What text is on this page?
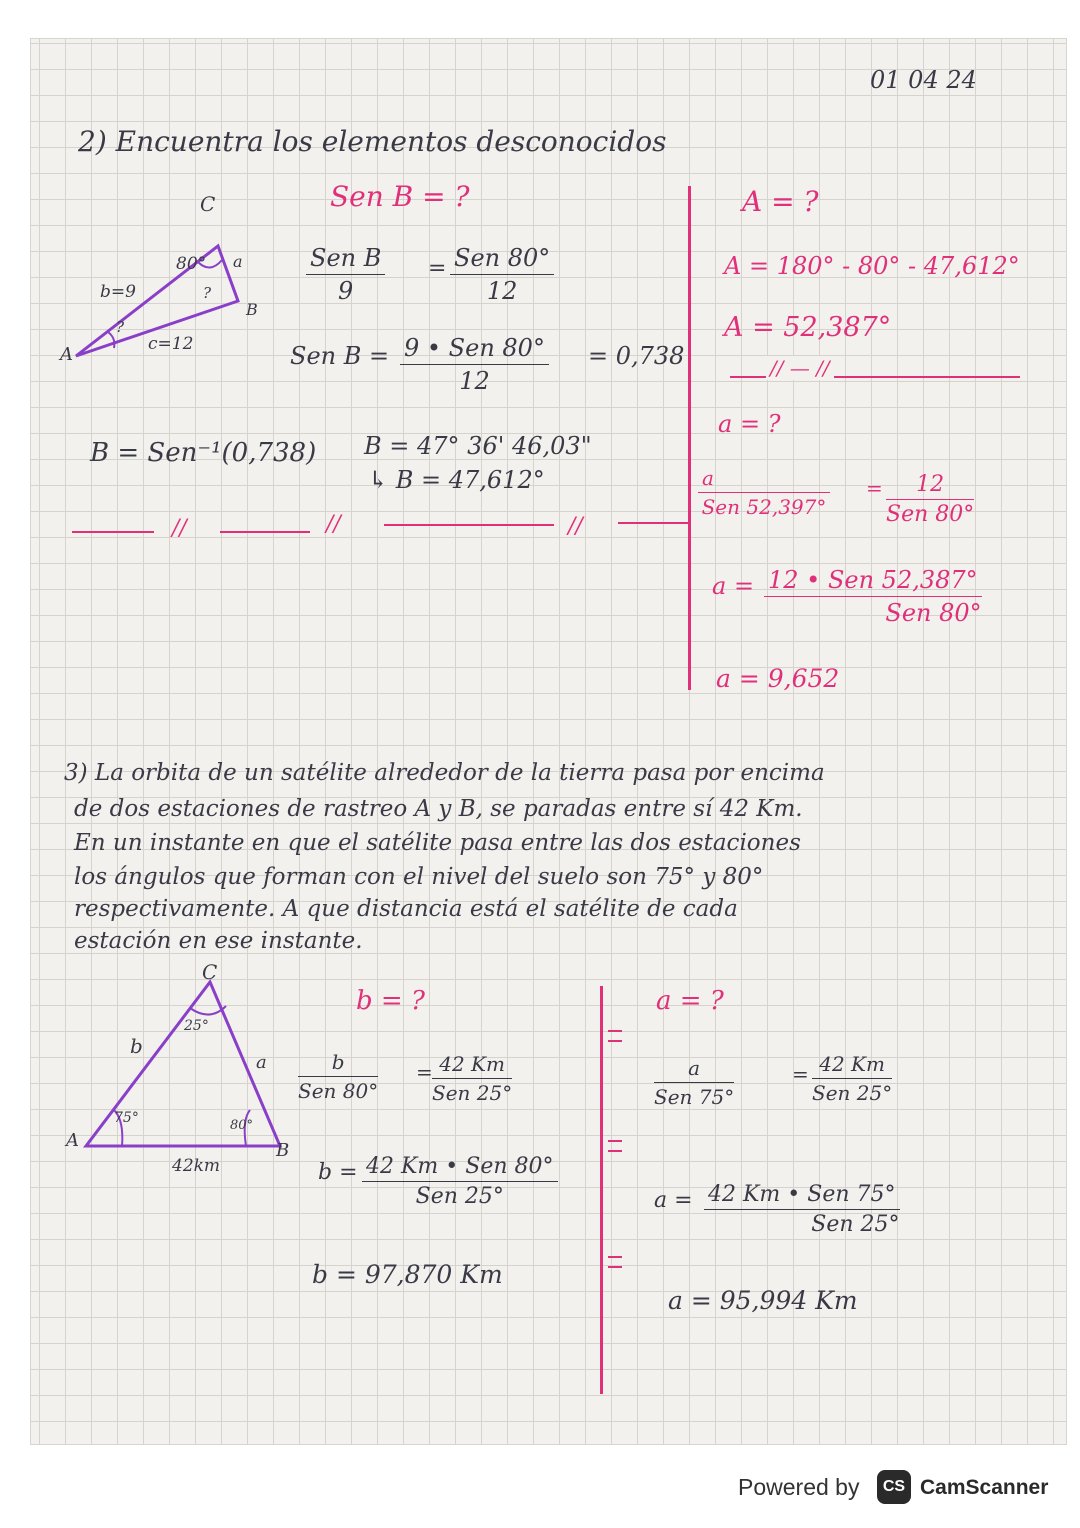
01 04 24
2) Encuentra los elementos desconocidos
C
A
B
b=9
a
c=12
80°
?
?
Sen B = ?
Sen B
9
= Sen 80°
12
Sen B = 9 • Sen 80°
12
= 0,738
B = Sen⁻¹(0,738) B = 47° 36' 46,03"
↳ B = 47,612°
//	//	//
A = ?
A = 180° - 80° - 47,612°
A = 52,387°
// — //
a = ?
a
Sen 52,397°
=	12
Sen 80°
a = 12 • Sen 52,387°
Sen 80°
a = 9,652
3) La orbita de un satélite alrededor de la tierra pasa por encima
de dos estaciones de rastreo A y B, se paradas entre sí 42 Km.
En un instante en que el satélite pasa entre las dos estaciones
los ángulos que forman con el nivel del suelo son 75° y 80°
respectivamente. A que distancia está el satélite de cada
estación en ese instante.
C
A	B
b
a
42km
25°
75°	80°
b = ?
b
Sen 80°
= 42 Km
Sen 25°
b = 42 Km • Sen 80°
Sen 25°
b = 97,870 Km
a = ?
a
Sen 75°
= 42 Km
Sen 25°
a = 42 Km • Sen 75°
Sen 25°
a = 95,994 Km
Powered by	CS CamScanner
